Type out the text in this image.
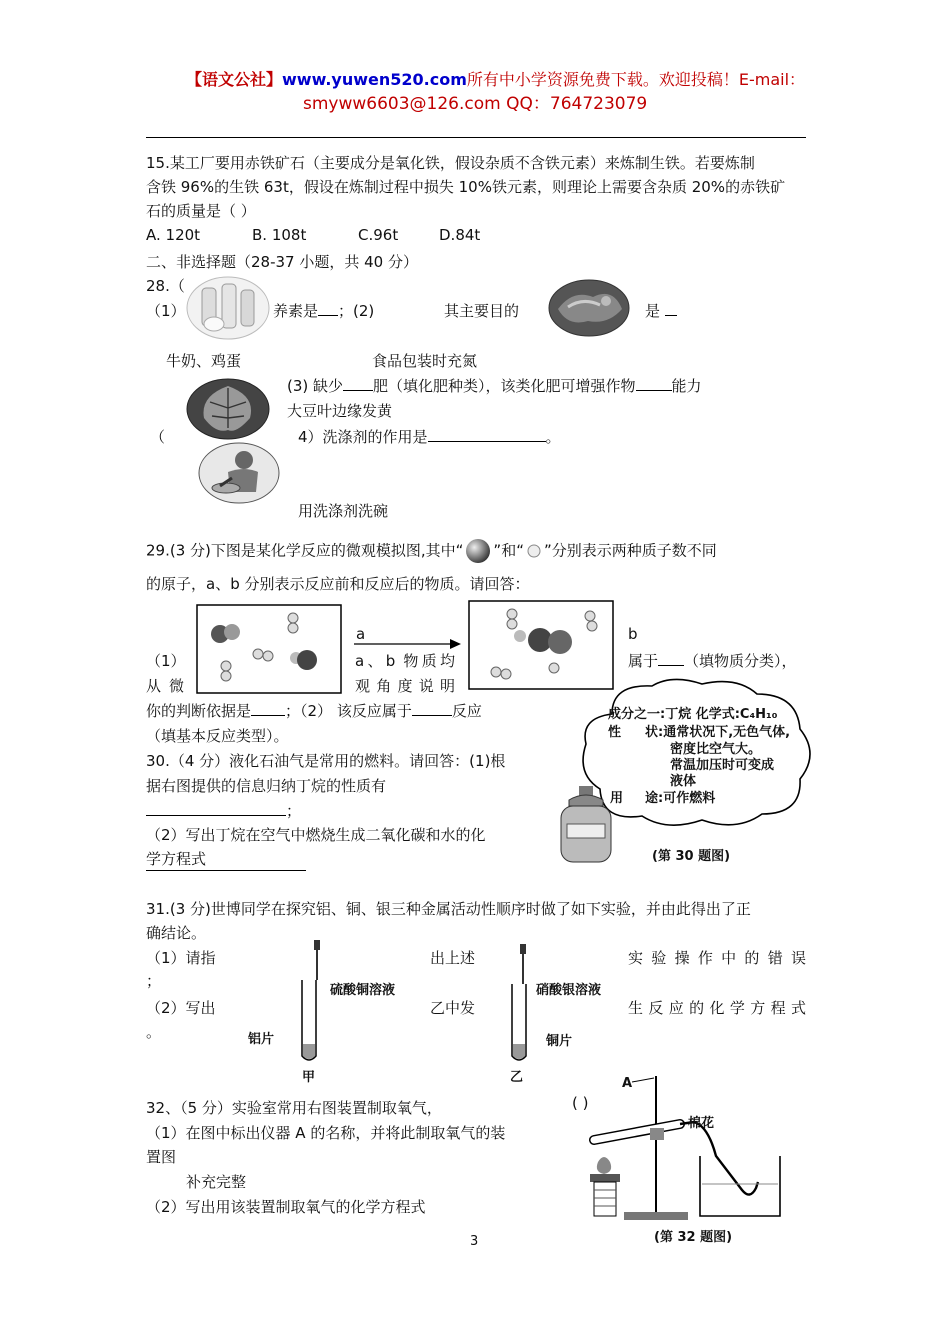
【语文公社】www.yuwen520.com所有中小学资源免费下载。欢迎投稿！E-mail：
smyww6603@126.com QQ：764723079
15.某工厂要用赤铁矿石（主要成分是氧化铁，假设杂质不含铁元素）来炼制生铁。若要炼制
含铁 96%的生铁 63t，假设在炼制过程中损失 10%铁元素，则理论上需要含杂质 20%的赤铁矿
石的质量是（ ）
A. 120t	B. 108t	C.96t	D.84t
二、非选择题（28-37 小题，共 40 分）
28.（
（1）	养素是 ；(2)	其主要目的	是
牛奶、鸡蛋	食品包装时充氮
(3) 缺少 肥（填化肥种类），该类化肥可增强作物 能力
大豆叶边缘发黄
（	4）洗涤剂的作用是	。
用洗涤剂洗碗
29.(3 分)下图是某化学反应的微观模拟图,其中“ ”和“ ”分别表示两种质子数不同
的原子，a、b 分别表示反应前和反应后的物质。请回答：
a	b
（1）	a、b 物质均	属于 （填物质分类），
从 微	观 角 度 说 明
你的判断依据是 ；（2） 该反应属于	反应
（填基本反应类型）。
30.（4 分）液化石油气是常用的燃料。请回答：(1)根
据右图提供的信息归纳丁烷的性质有
；
（2）写出丁烷在空气中燃烧生成二氧化碳和水的化
学方程式
成分之一:丁烷 化学式:C₄H₁₀
性 状:通常状况下,无色气体,
密度比空气大。
常温加压时可变成
液体
用 途:可作燃料
(第 30 题图)
31.(3 分)世博同学在探究铝、铜、银三种金属活动性顺序时做了如下实验，并由此得出了正
确结论。
（1）请指	出上述	实 验 操 作 中 的 错 误
；
（2）写出	乙中发	生 反 应 的 化 学 方 程 式
。
硫酸铜溶液
铝片
甲
硝酸银溶液
铜片
乙
32、（5 分）实验室常用右图装置制取氧气，
（1）在图中标出仪器 A 的名称，并将此制取氧气的装
置图
补充完整
（2）写出用该装置制取氧气的化学方程式
A
( )
棉花
(第 32 题图)
3
